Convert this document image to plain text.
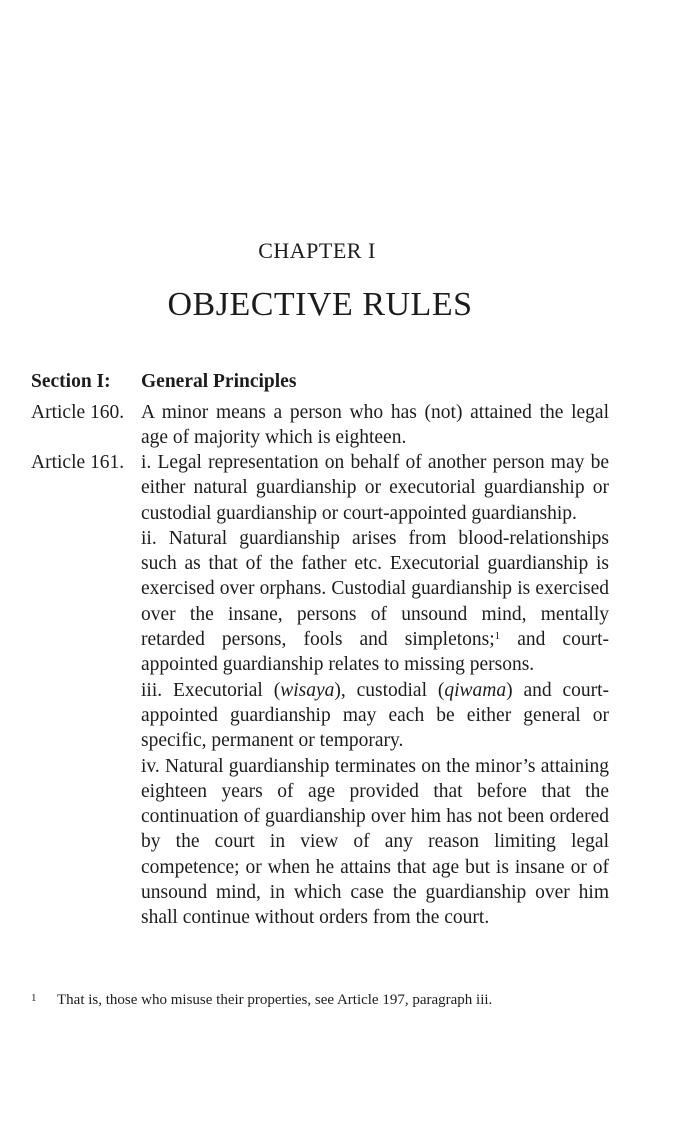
CHAPTER I
OBJECTIVE RULES
Section I: General Principles
Article 160. A minor means a person who has (not) attained the legal age of majority which is eighteen.
Article 161. i. Legal representation on behalf of another person may be either natural guardianship or executorial guardianship or custodial guardianship or court-appointed guardianship.
ii. Natural guardianship arises from blood-relationships such as that of the father etc. Executorial guardianship is exercised over orphans. Custodial guardianship is exercised over the insane, persons of unsound mind, mentally retarded persons, fools and simpletons;$^1$ and court-appointed guardianship relates to missing persons.
iii. Executorial (wisaya), custodial (qiwama) and court-appointed guardianship may each be either general or specific, permanent or temporary.
iv. Natural guardianship terminates on the minor’s attaining eighteen years of age provided that before that the continuation of guardianship over him has not been ordered by the court in view of any reason limiting legal competence; or when he attains that age but is insane or of unsound mind, in which case the guardianship over him shall continue without orders from the court.
1 That is, those who misuse their properties, see Article 197, paragraph iii.
